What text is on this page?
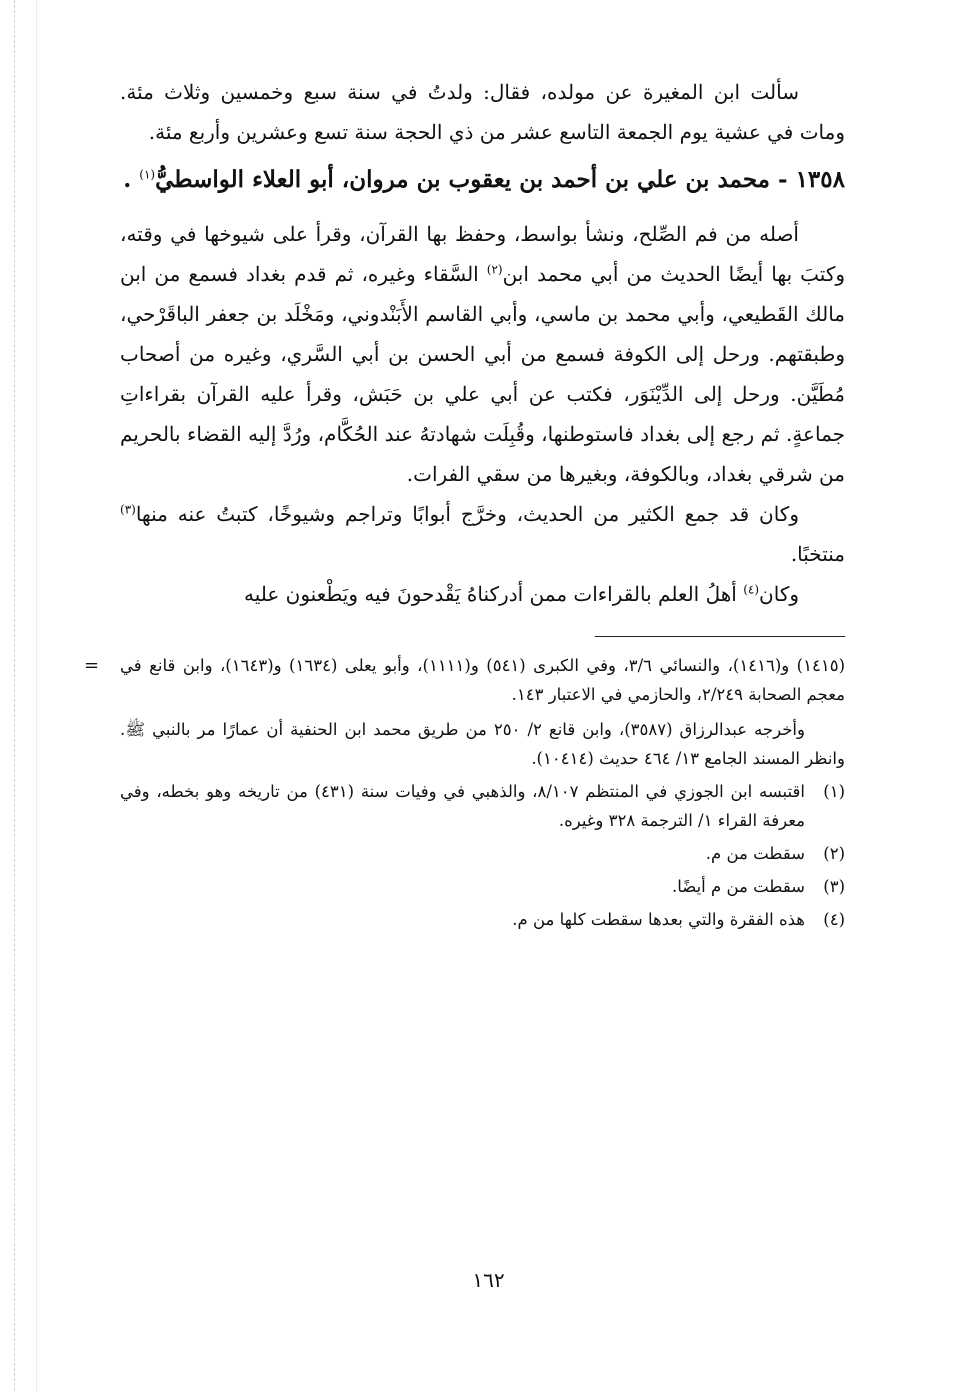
سألت ابن المغيرة عن مولده، فقال: ولدتُ في سنة سبع وخمسين وثلاث مئة. ومات في عشية يوم الجمعة التاسع عشر من ذي الحجة سنة تسع وعشرين وأربع مئة.

١٣٥٨ - محمد بن علي بن أحمد بن يعقوب بن مروان، أبو العلاء الواسطيُّ$^{(١)}$ .

أصله من فم الصِّلح، ونشأ بواسط، وحفظ بها القرآن، وقرأ على شيوخها في وقته، وكتبَ بها أيضًا الحديث من أبي محمد ابن$^{(٢)}$ السَّقاء وغيره، ثم قدم بغداد فسمع من ابن مالك القَطيعي، وأبي محمد بن ماسي، وأبي القاسم الأَبَنْدوني، ومَخْلَد بن جعفر الباقَرْحي، وطبقتهم. ورحل إلى الكوفة فسمع من أبي الحسن بن أبي السَّري، وغيره من أصحاب مُطَيَّن. ورحل إلى الدِّيْنَوَر، فكتب عن أبي علي بن حَبَش، وقرأ عليه القرآن بقراءاتِ جماعةٍ. ثم رجع إلى بغداد فاستوطنها، وقُبِلَت شهادتهُ عند الحُكَّام، ورُدَّ إليه القضاء بالحريم من شرقي بغداد، وبالكوفة، وبغيرها من سقي الفرات.

وكان قد جمع الكثير من الحديث، وخرَّج أبوابًا وتراجم وشيوخًا، كتبتُ عنه منها$^{(٣)}$ منتخبًا.

وكان$^{(٤)}$ أهلُ العلم بالقراءات ممن أدركناهُ يَقْدحونَ فيه ويَطْعنون عليه

= (١٤١٥) و(١٤١٦)، والنسائي ٣/٦، وفي الكبرى (٥٤١) و(١١١١)، وأبو يعلى (١٦٣٤) و(١٦٤٣)، وابن قانع في معجم الصحابة ٢/٢٤٩، والحازمي في الاعتبار ١٤٣.

وأخرجه عبدالرزاق (٣٥٨٧)، وابن قانع ٢/ ٢٥٠ من طريق محمد ابن الحنفية أن عمارًا مر بالنبي ﷺ. وانظر المسند الجامع ١٣/ ٤٦٤ حديث (١٠٤١٤).

(١)

اقتبسه ابن الجوزي في المنتظم ٨/١٠٧، والذهبي في وفيات سنة (٤٣١) من تاريخه وهو بخطه، وفي معرفة القراء ١/ الترجمة ٣٢٨ وغيره.

(٢)

سقطت من م.

(٣)

سقطت من م أيضًا.

(٤)

هذه الفقرة والتي بعدها سقطت كلها من م.

١٦٢
